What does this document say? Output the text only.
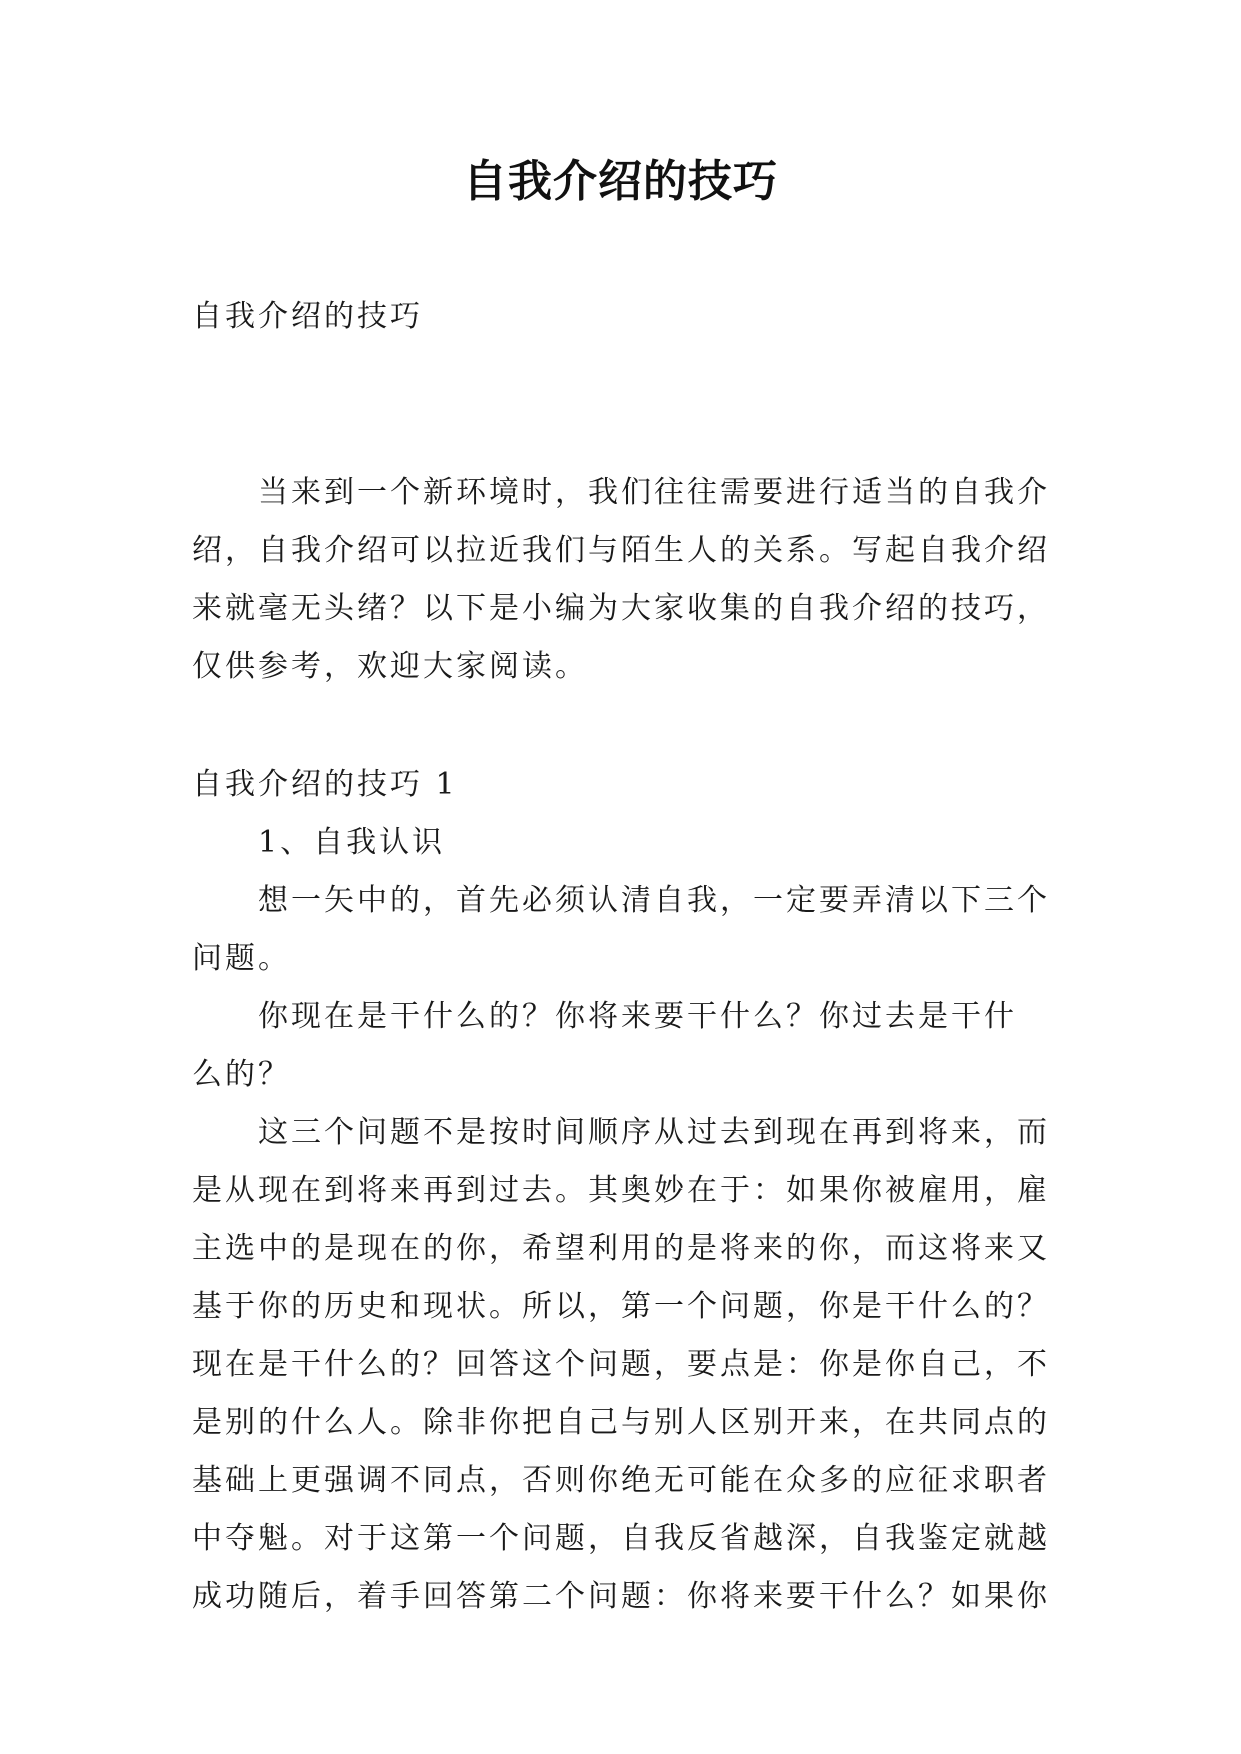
自我介绍的技巧

自我介绍的技巧

　　当来到一个新环境时，我们往往需要进行适当的自我介

绍，自我介绍可以拉近我们与陌生人的关系。写起自我介绍

来就毫无头绪？以下是小编为大家收集的自我介绍的技巧，

仅供参考，欢迎大家阅读。

自我介绍的技巧 1

　　1、自我认识

　　想一矢中的，首先必须认清自我，一定要弄清以下三个

问题。

　　你现在是干什么的？你将来要干什么？你过去是干什

么的？

　　这三个问题不是按时间顺序从过去到现在再到将来，而

是从现在到将来再到过去。其奥妙在于：如果你被雇用，雇

主选中的是现在的你，希望利用的是将来的你，而这将来又

基于你的历史和现状。所以，第一个问题，你是干什么的？

现在是干什么的？回答这个问题，要点是：你是你自己，不

是别的什么人。除非你把自己与别人区别开来，在共同点的

基础上更强调不同点，否则你绝无可能在众多的应征求职者

中夺魁。对于这第一个问题，自我反省越深，自我鉴定就越

成功随后，着手回答第二个问题：你将来要干什么？如果你
